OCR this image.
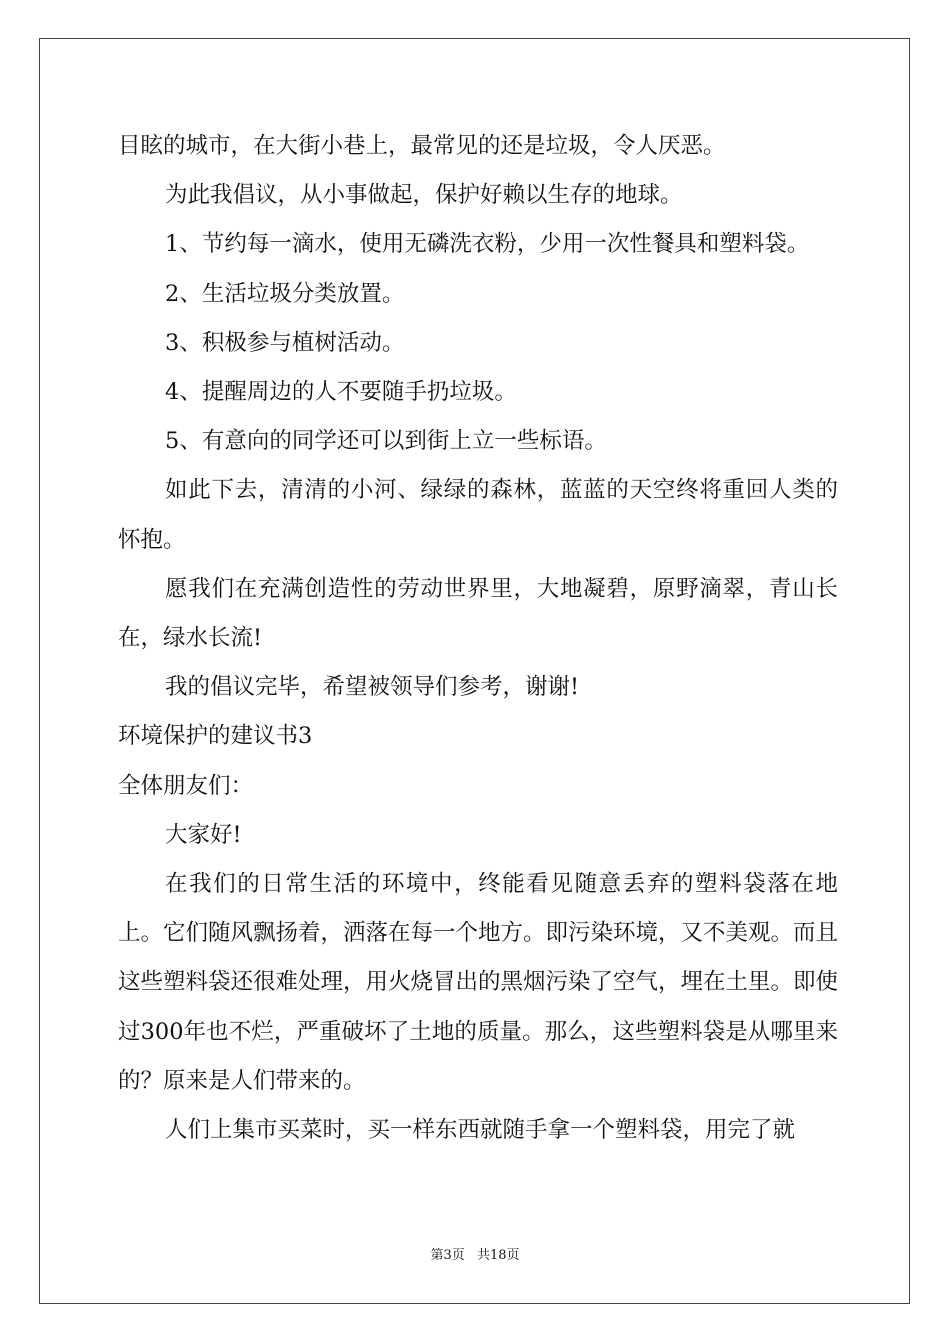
目眩的城市，在大街小巷上，最常见的还是垃圾，令人厌恶。

为此我倡议，从小事做起，保护好赖以生存的地球。

1、节约每一滴水，使用无磷洗衣粉，少用一次性餐具和塑料袋。

2、生活垃圾分类放置。

3、积极参与植树活动。

4、提醒周边的人不要随手扔垃圾。

5、有意向的同学还可以到街上立一些标语。

如此下去，清清的小河、绿绿的森林，蓝蓝的天空终将重回人类的怀抱。

愿我们在充满创造性的劳动世界里，大地凝碧，原野滴翠，青山长在，绿水长流!

我的倡议完毕，希望被领导们参考，谢谢!

环境保护的建议书3

全体朋友们：

大家好!

在我们的日常生活的环境中，终能看见随意丢弃的塑料袋落在地上。它们随风飘扬着，洒落在每一个地方。即污染环境，又不美观。而且这些塑料袋还很难处理，用火烧冒出的黑烟污染了空气，埋在土里。即使过300年也不烂，严重破坏了土地的质量。那么，这些塑料袋是从哪里来的？原来是人们带来的。

人们上集市买菜时，买一样东西就随手拿一个塑料袋，用完了就

第3页 共18页
